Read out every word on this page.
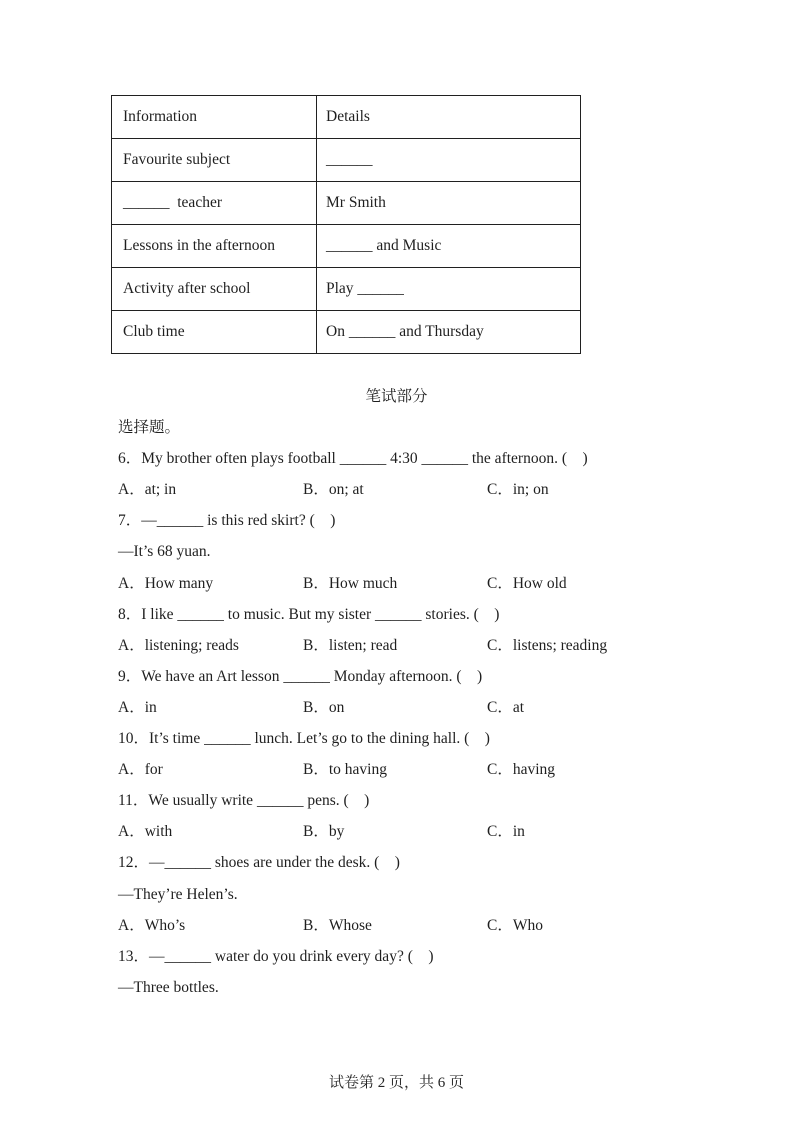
Information	Details

Favourite subject	______

______  teacher	Mr Smith

Lessons in the afternoon	______ and Music

Activity after school	Play ______

Club time	On ______ and Thursday
笔试部分
选择题。
6．My brother often plays football ______ 4:30 ______ the afternoon. (　)

A．at; in

	B．on; at

	C．in; on

7．—______ is this red skirt? (　)
—It’s 68 yuan.

A．How many

	B．How much

	C．How old

8．I like ______ to music. But my sister ______ stories. (　)

A．listening; reads

	B．listen; read

	C．listens; reading

9．We have an Art lesson ______ Monday afternoon. (　)

A．in

	B．on

	C．at

10．It’s time ______ lunch. Let’s go to the dining hall. (　)

A．for

	B．to having

	C．having

11．We usually write ______ pens. (　)

A．with

	B．by

	C．in

12．—______ shoes are under the desk. (　)
—They’re Helen’s.

A．Who’s

	B．Whose

	C．Who

13．—______ water do you drink every day? (　)
—Three bottles.
试卷第 2 页，共 6 页
